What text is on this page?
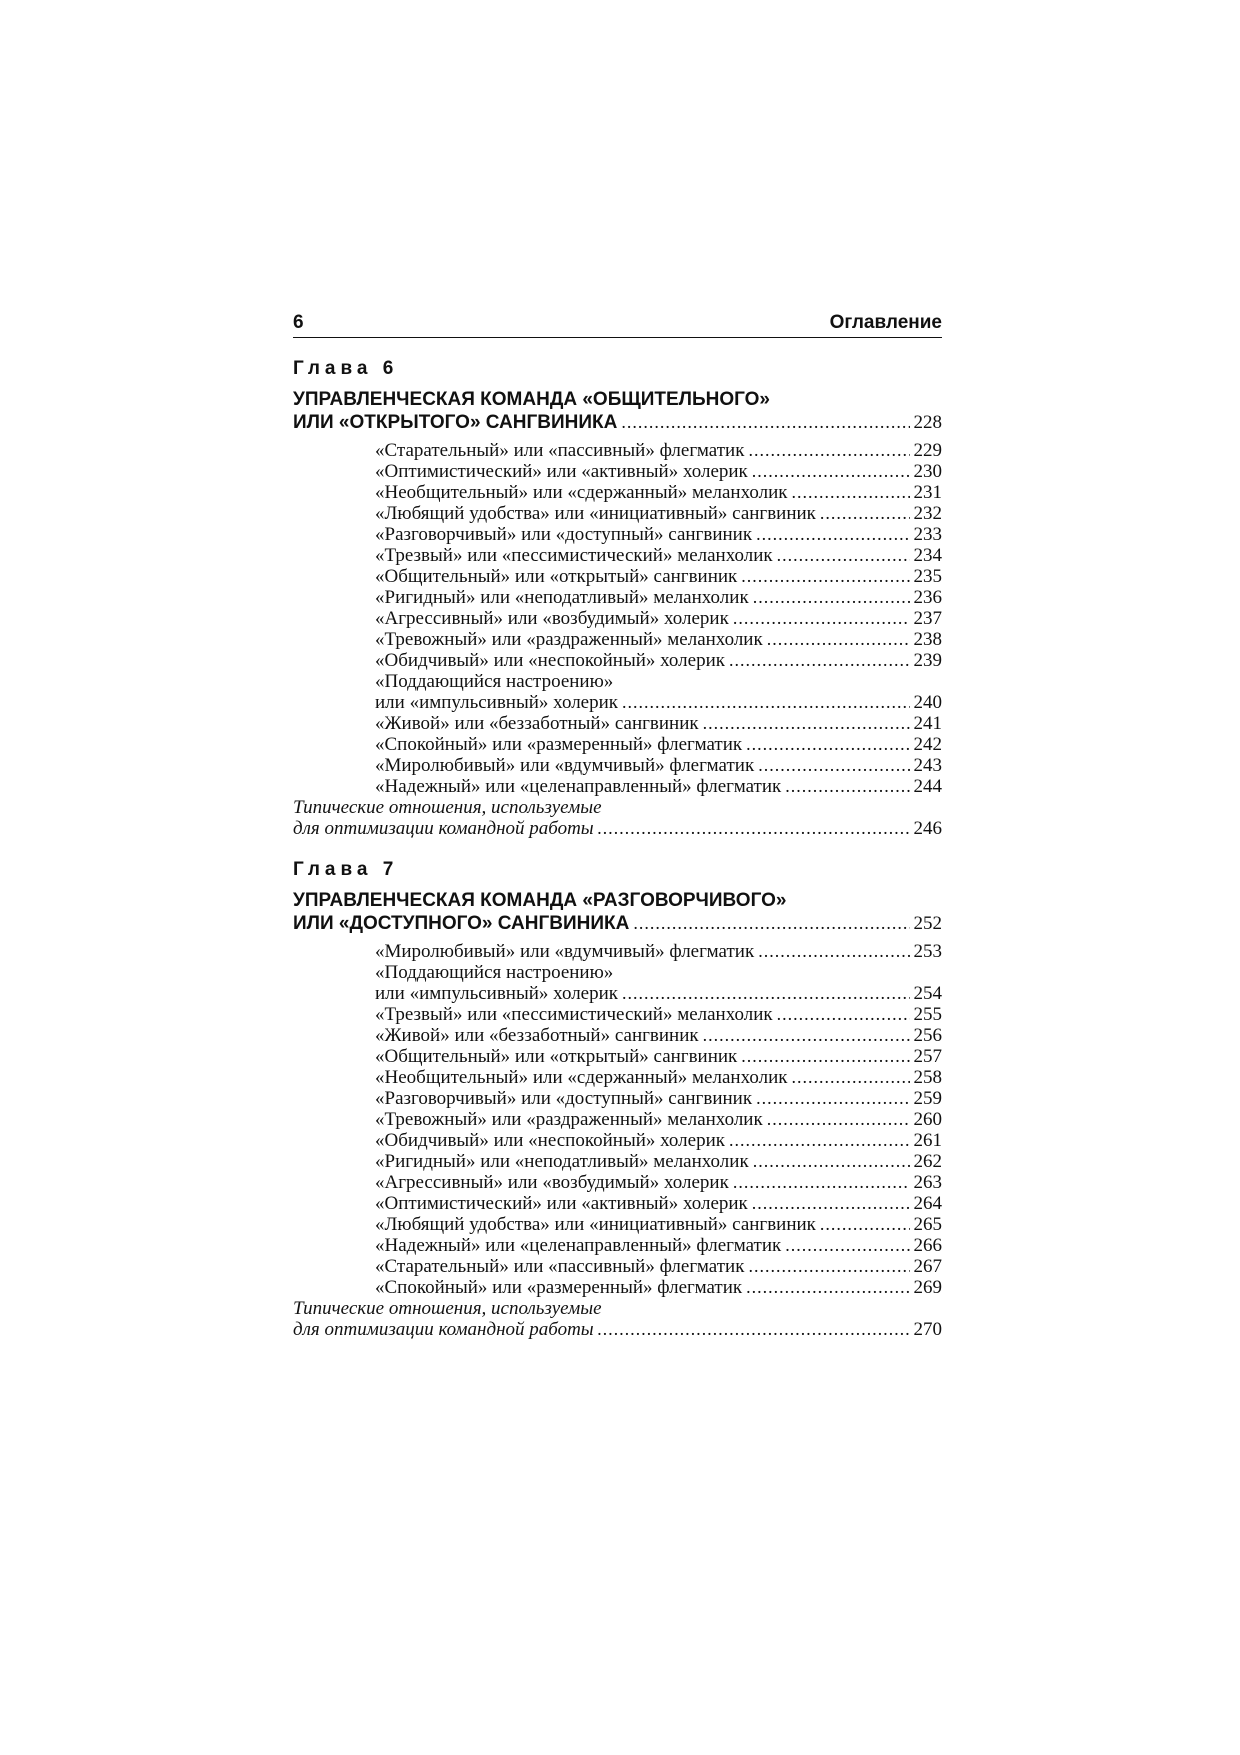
6	Оглавление
Глава 6
УПРАВЛЕНЧЕСКАЯ КОМАНДА «ОБЩИТЕЛЬНОГО»
ИЛИ «ОТКРЫТОГО» САНГВИНИКА .....	228
«Старательный» или «пассивный» флегматик .....	229
«Оптимистический» или «активный» холерик .....	230
«Необщительный» или «сдержанный» меланхолик .....	231
«Любящий удобства» или «инициативный» сангвиник .....	232
«Разговорчивый» или «доступный» сангвиник .....	233
«Трезвый» или «пессимистический» меланхолик .....	234
«Общительный» или «открытый» сангвиник .....	235
«Ригидный» или «неподатливый» меланхолик .....	236
«Агрессивный» или «возбудимый» холерик .....	237
«Тревожный» или «раздраженный» меланхолик .....	238
«Обидчивый» или «неспокойный» холерик .....	239
«Поддающийся настроению»
или «импульсивный» холерик .....	240
«Живой» или «беззаботный» сангвиник .....	241
«Спокойный» или «размеренный» флегматик .....	242
«Миролюбивый» или «вдумчивый» флегматик .....	243
«Надежный» или «целенаправленный» флегматик .....	244
Типические отношения, используемые
для оптимизации командной работы .....	246
Глава 7
УПРАВЛЕНЧЕСКАЯ КОМАНДА «РАЗГОВОРЧИВОГО»
ИЛИ «ДОСТУПНОГО» САНГВИНИКА .....	252
«Миролюбивый» или «вдумчивый» флегматик .....	253
«Поддающийся настроению»
или «импульсивный» холерик .....	254
«Трезвый» или «пессимистический» меланхолик .....	255
«Живой» или «беззаботный» сангвиник .....	256
«Общительный» или «открытый» сангвиник .....	257
«Необщительный» или «сдержанный» меланхолик .....	258
«Разговорчивый» или «доступный» сангвиник .....	259
«Тревожный» или «раздраженный» меланхолик .....	260
«Обидчивый» или «неспокойный» холерик .....	261
«Ригидный» или «неподатливый» меланхолик .....	262
«Агрессивный» или «возбудимый» холерик .....	263
«Оптимистический» или «активный» холерик .....	264
«Любящий удобства» или «инициативный» сангвиник .....	265
«Надежный» или «целенаправленный» флегматик .....	266
«Старательный» или «пассивный» флегматик .....	267
«Спокойный» или «размеренный» флегматик .....	269
Типические отношения, используемые
для оптимизации командной работы .....	270
